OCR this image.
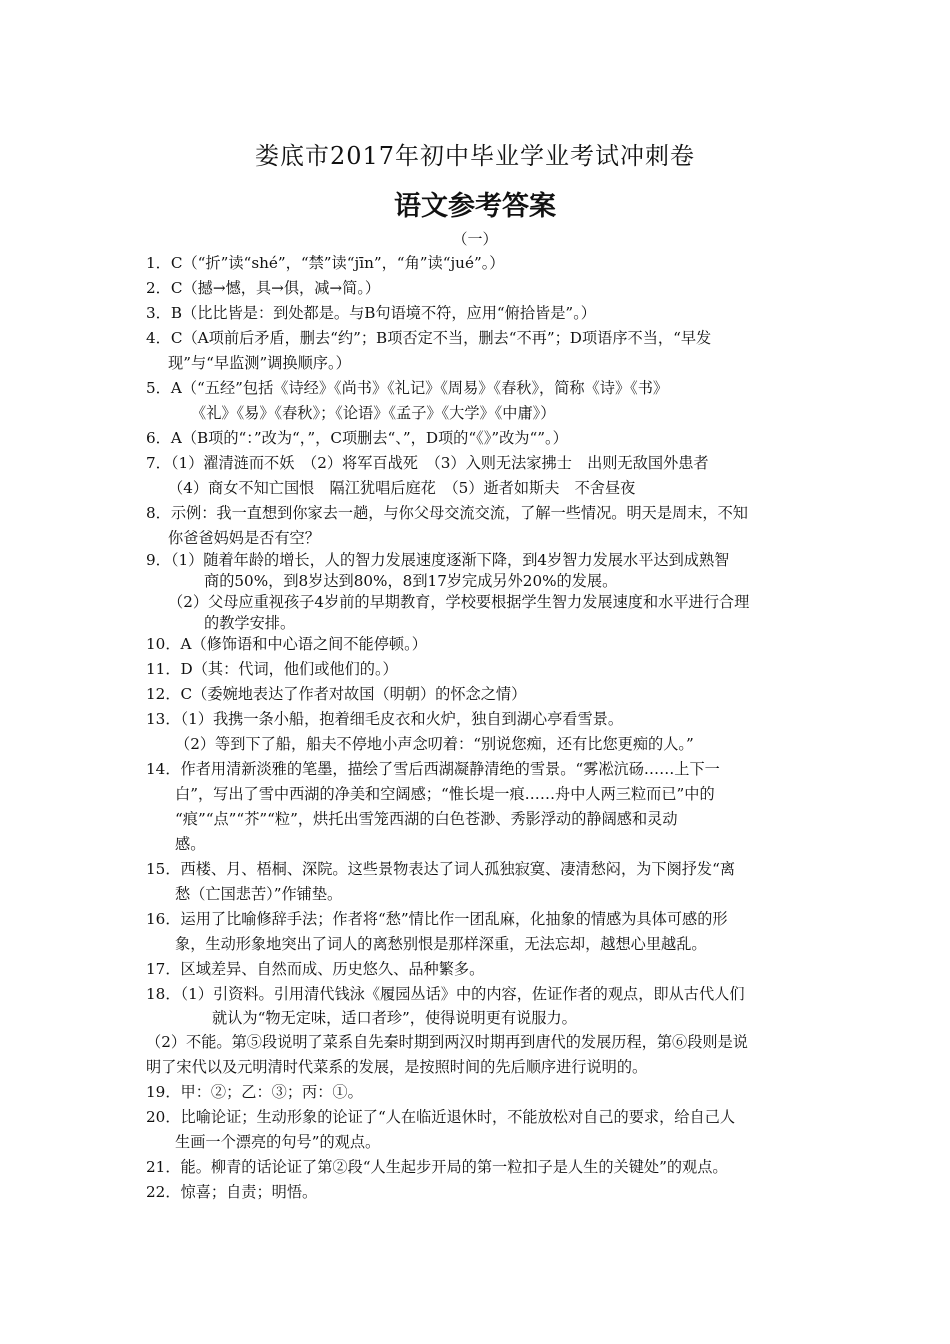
娄底市2017年初中毕业学业考试冲刺卷
语文参考答案
（一）
1．C（“折”读“shé”，“禁”读“jīn”，“角”读“jué”。）
2．C（撼→憾，具→俱，减→简。）
3．B（比比皆是：到处都是。与B句语境不符，应用“俯拾皆是”。）
4．C（A项前后矛盾，删去“约”；B项否定不当，删去“不再”；D项语序不当，“早发
现”与“早监测”调换顺序。）
5．A（“五经”包括《诗经》《尚书》《礼记》《周易》《春秋》，简称《诗》《书》
《礼》《易》《春秋》；《论语》《孟子》《大学》《中庸》）
6．A（B项的“：”改为“，”，C项删去“、”，D项的“《》”改为“”。）
7．（1）濯清涟而不妖　（2）将军百战死　（3）入则无法家拂士　出则无敌国外患者
（4）商女不知亡国恨　隔江犹唱后庭花　（5）逝者如斯夫　不舍昼夜
8．示例：我一直想到你家去一趟，与你父母交流交流，了解一些情况。明天是周末，不知
你爸爸妈妈是否有空？
9．（1）随着年龄的增长，人的智力发展速度逐渐下降，到4岁智力发展水平达到成熟智
商的50%，到8岁达到80%，8到17岁完成另外20%的发展。
（2）父母应重视孩子4岁前的早期教育，学校要根据学生智力发展速度和水平进行合理
的教学安排。
10．A（修饰语和中心语之间不能停顿。）
11．D（其：代词，他们或他们的。）
12．C（委婉地表达了作者对故国（明朝）的怀念之情）
13．（1）我携一条小船，抱着细毛皮衣和火炉，独自到湖心亭看雪景。
（2）等到下了船，船夫不停地小声念叨着：“别说您痴，还有比您更痴的人。”
14．作者用清新淡雅的笔墨，描绘了雪后西湖凝静清绝的雪景。“雾凇沆砀……上下一
白”，写出了雪中西湖的净美和空阔感；“惟长堤一痕……舟中人两三粒而已”中的
“痕”“点”“芥”“粒”，烘托出雪笼西湖的白色苍渺、秀影浮动的静阔感和灵动
感。
15．西楼、月、梧桐、深院。这些景物表达了词人孤独寂寞、凄清愁闷，为下阕抒发“离
愁（亡国悲苦）”作铺垫。
16．运用了比喻修辞手法；作者将“愁”情比作一团乱麻，化抽象的情感为具体可感的形
象，生动形象地突出了词人的离愁别恨是那样深重，无法忘却，越想心里越乱。
17．区域差异、自然而成、历史悠久、品种繁多。
18．（1）引资料。引用清代钱泳《履园丛话》中的内容，佐证作者的观点，即从古代人们
就认为“物无定味，适口者珍”，使得说明更有说服力。
（2）不能。第⑤段说明了菜系自先秦时期到两汉时期再到唐代的发展历程，第⑥段则是说
明了宋代以及元明清时代菜系的发展，是按照时间的先后顺序进行说明的。
19．甲：②；乙：③；丙：①。
20．比喻论证；生动形象的论证了“人在临近退休时，不能放松对自己的要求，给自己人
生画一个漂亮的句号”的观点。
21．能。柳青的话论证了第②段“人生起步开局的第一粒扣子是人生的关键处”的观点。
22．惊喜；自责；明悟。
